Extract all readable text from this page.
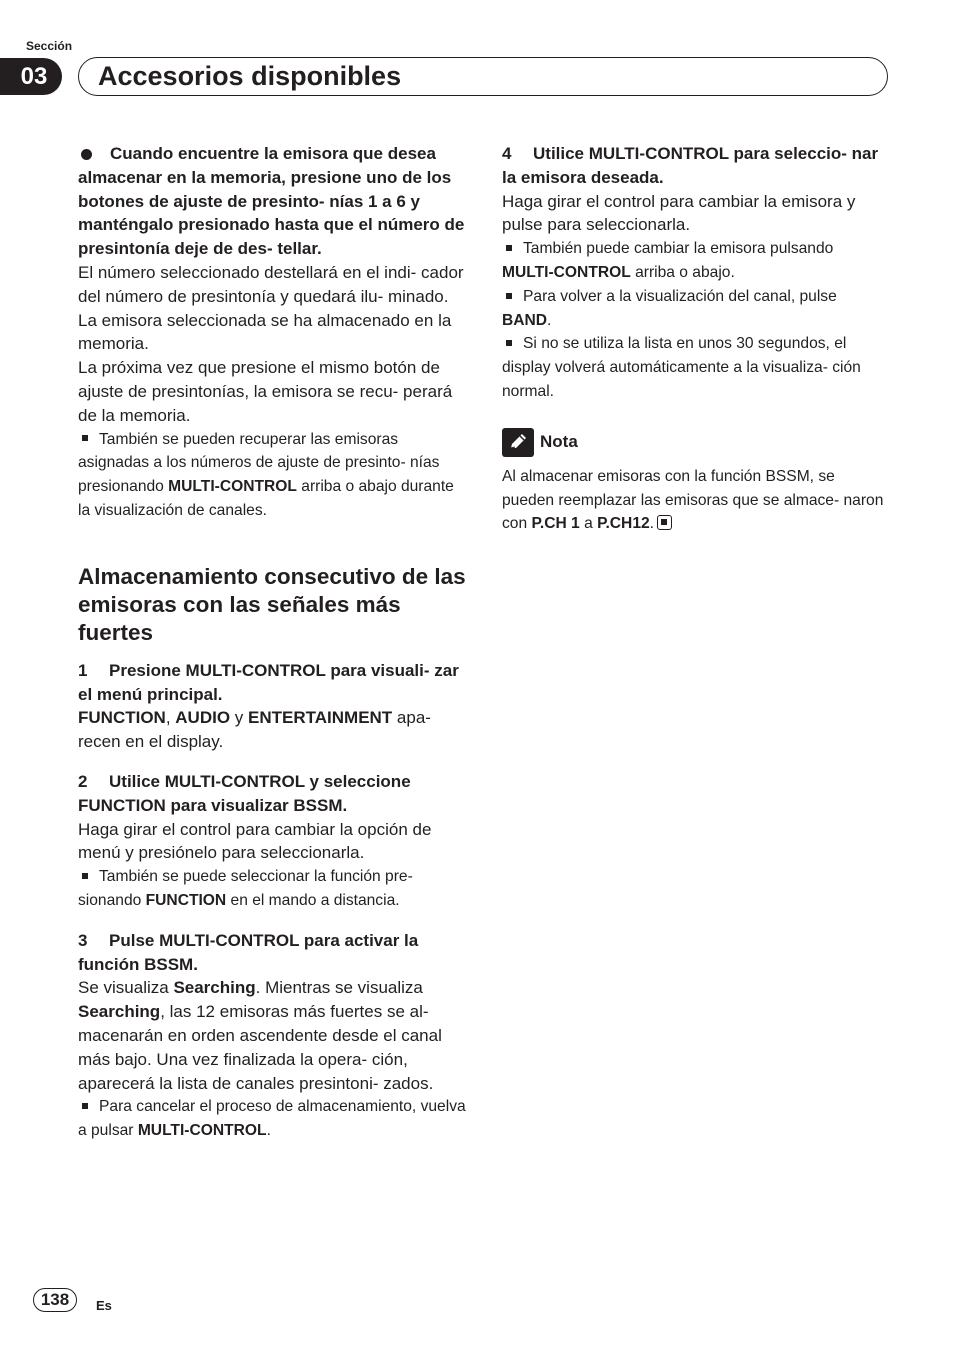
Sección
03	Accesorios disponibles

Cuando encuentre la emisora que desea almacenar en la memoria, presione uno de los botones de ajuste de presinto- nías 1 a 6 y manténgalo presionado hasta que el número de presintonía deje de des- tellar.

El número seleccionado destellará en el indi- cador del número de presintonía y quedará ilu- minado. La emisora seleccionada se ha almacenado en la memoria.

La próxima vez que presione el mismo botón de ajuste de presintonías, la emisora se recu- perará de la memoria.

También se pueden recuperar las emisoras asignadas a los números de ajuste de presinto- nías presionando MULTI-CONTROL arriba o abajo durante la visualización de canales.

Almacenamiento consecutivo de las emisoras con las señales más fuertes

1 Presione MULTI-CONTROL para visuali- zar el menú principal.

FUNCTION, AUDIO y ENTERTAINMENT apa- recen en el display.

2 Utilice MULTI-CONTROL y seleccione FUNCTION para visualizar BSSM.

Haga girar el control para cambiar la opción de menú y presiónelo para seleccionarla.

También se puede seleccionar la función pre- sionando FUNCTION en el mando a distancia.

3 Pulse MULTI-CONTROL para activar la función BSSM.

Se visualiza Searching. Mientras se visualiza Searching, las 12 emisoras más fuertes se al- macenarán en orden ascendente desde el canal más bajo. Una vez finalizada la opera- ción, aparecerá la lista de canales presintoni- zados.

Para cancelar el proceso de almacenamiento, vuelva a pulsar MULTI-CONTROL.

4 Utilice MULTI-CONTROL para seleccio- nar la emisora deseada.

Haga girar el control para cambiar la emisora y pulse para seleccionarla.

También puede cambiar la emisora pulsando MULTI-CONTROL arriba o abajo.

Para volver a la visualización del canal, pulse BAND.

Si no se utiliza la lista en unos 30 segundos, el display volverá automáticamente a la visualiza- ción normal.

Nota

Al almacenar emisoras con la función BSSM, se pueden reemplazar las emisoras que se almace- naron con P.CH 1 a P.CH12.

138	Es
